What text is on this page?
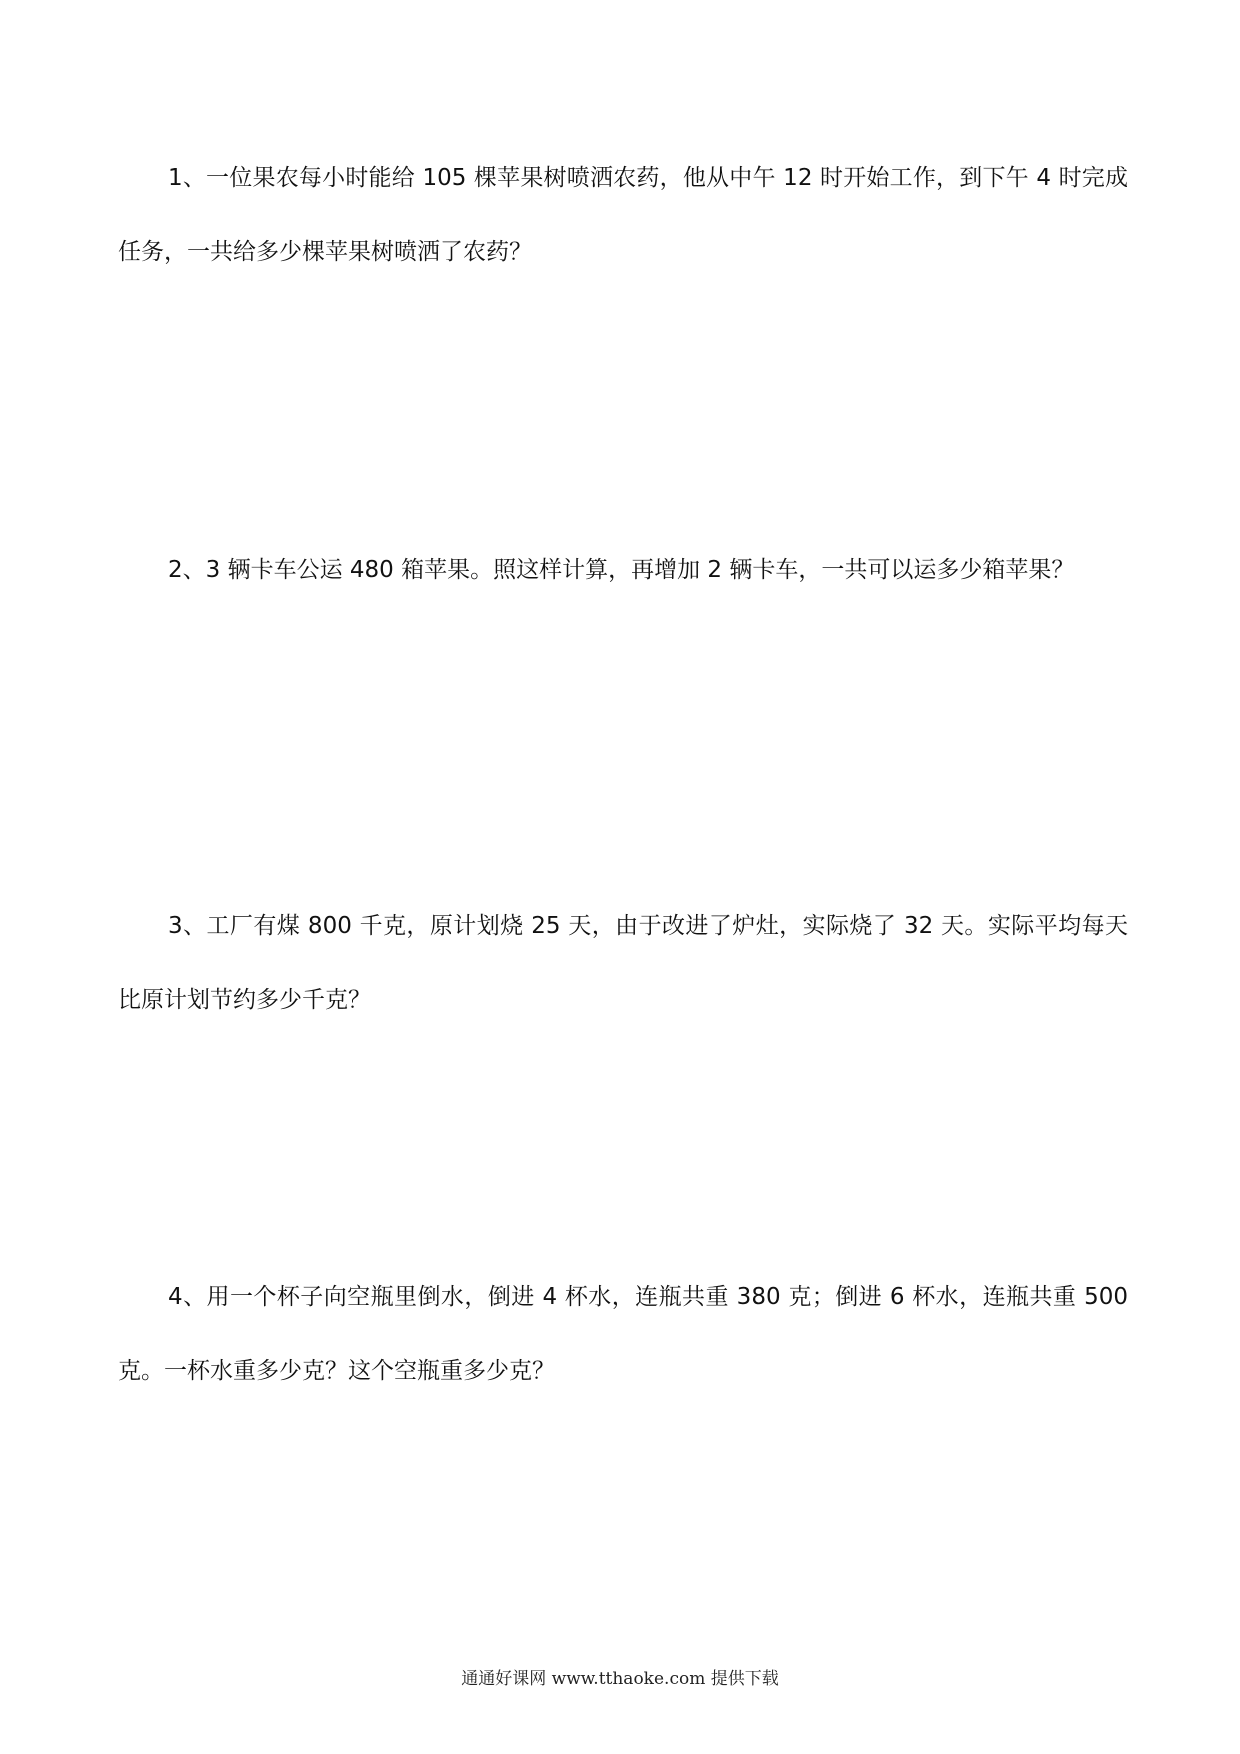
1、一位果农每小时能给 105 棵苹果树喷洒农药，他从中午 12 时开始工作，到下午 4 时完成任务，一共给多少棵苹果树喷洒了农药？

2、3 辆卡车公运 480 箱苹果。照这样计算，再增加 2 辆卡车，一共可以运多少箱苹果？

3、工厂有煤 800 千克，原计划烧 25 天，由于改进了炉灶，实际烧了 32 天。实际平均每天比原计划节约多少千克？

4、用一个杯子向空瓶里倒水，倒进 4 杯水，连瓶共重 380 克；倒进 6 杯水，连瓶共重 500 克。一杯水重多少克？这个空瓶重多少克？

通通好课网 www.tthaoke.com 提供下载
